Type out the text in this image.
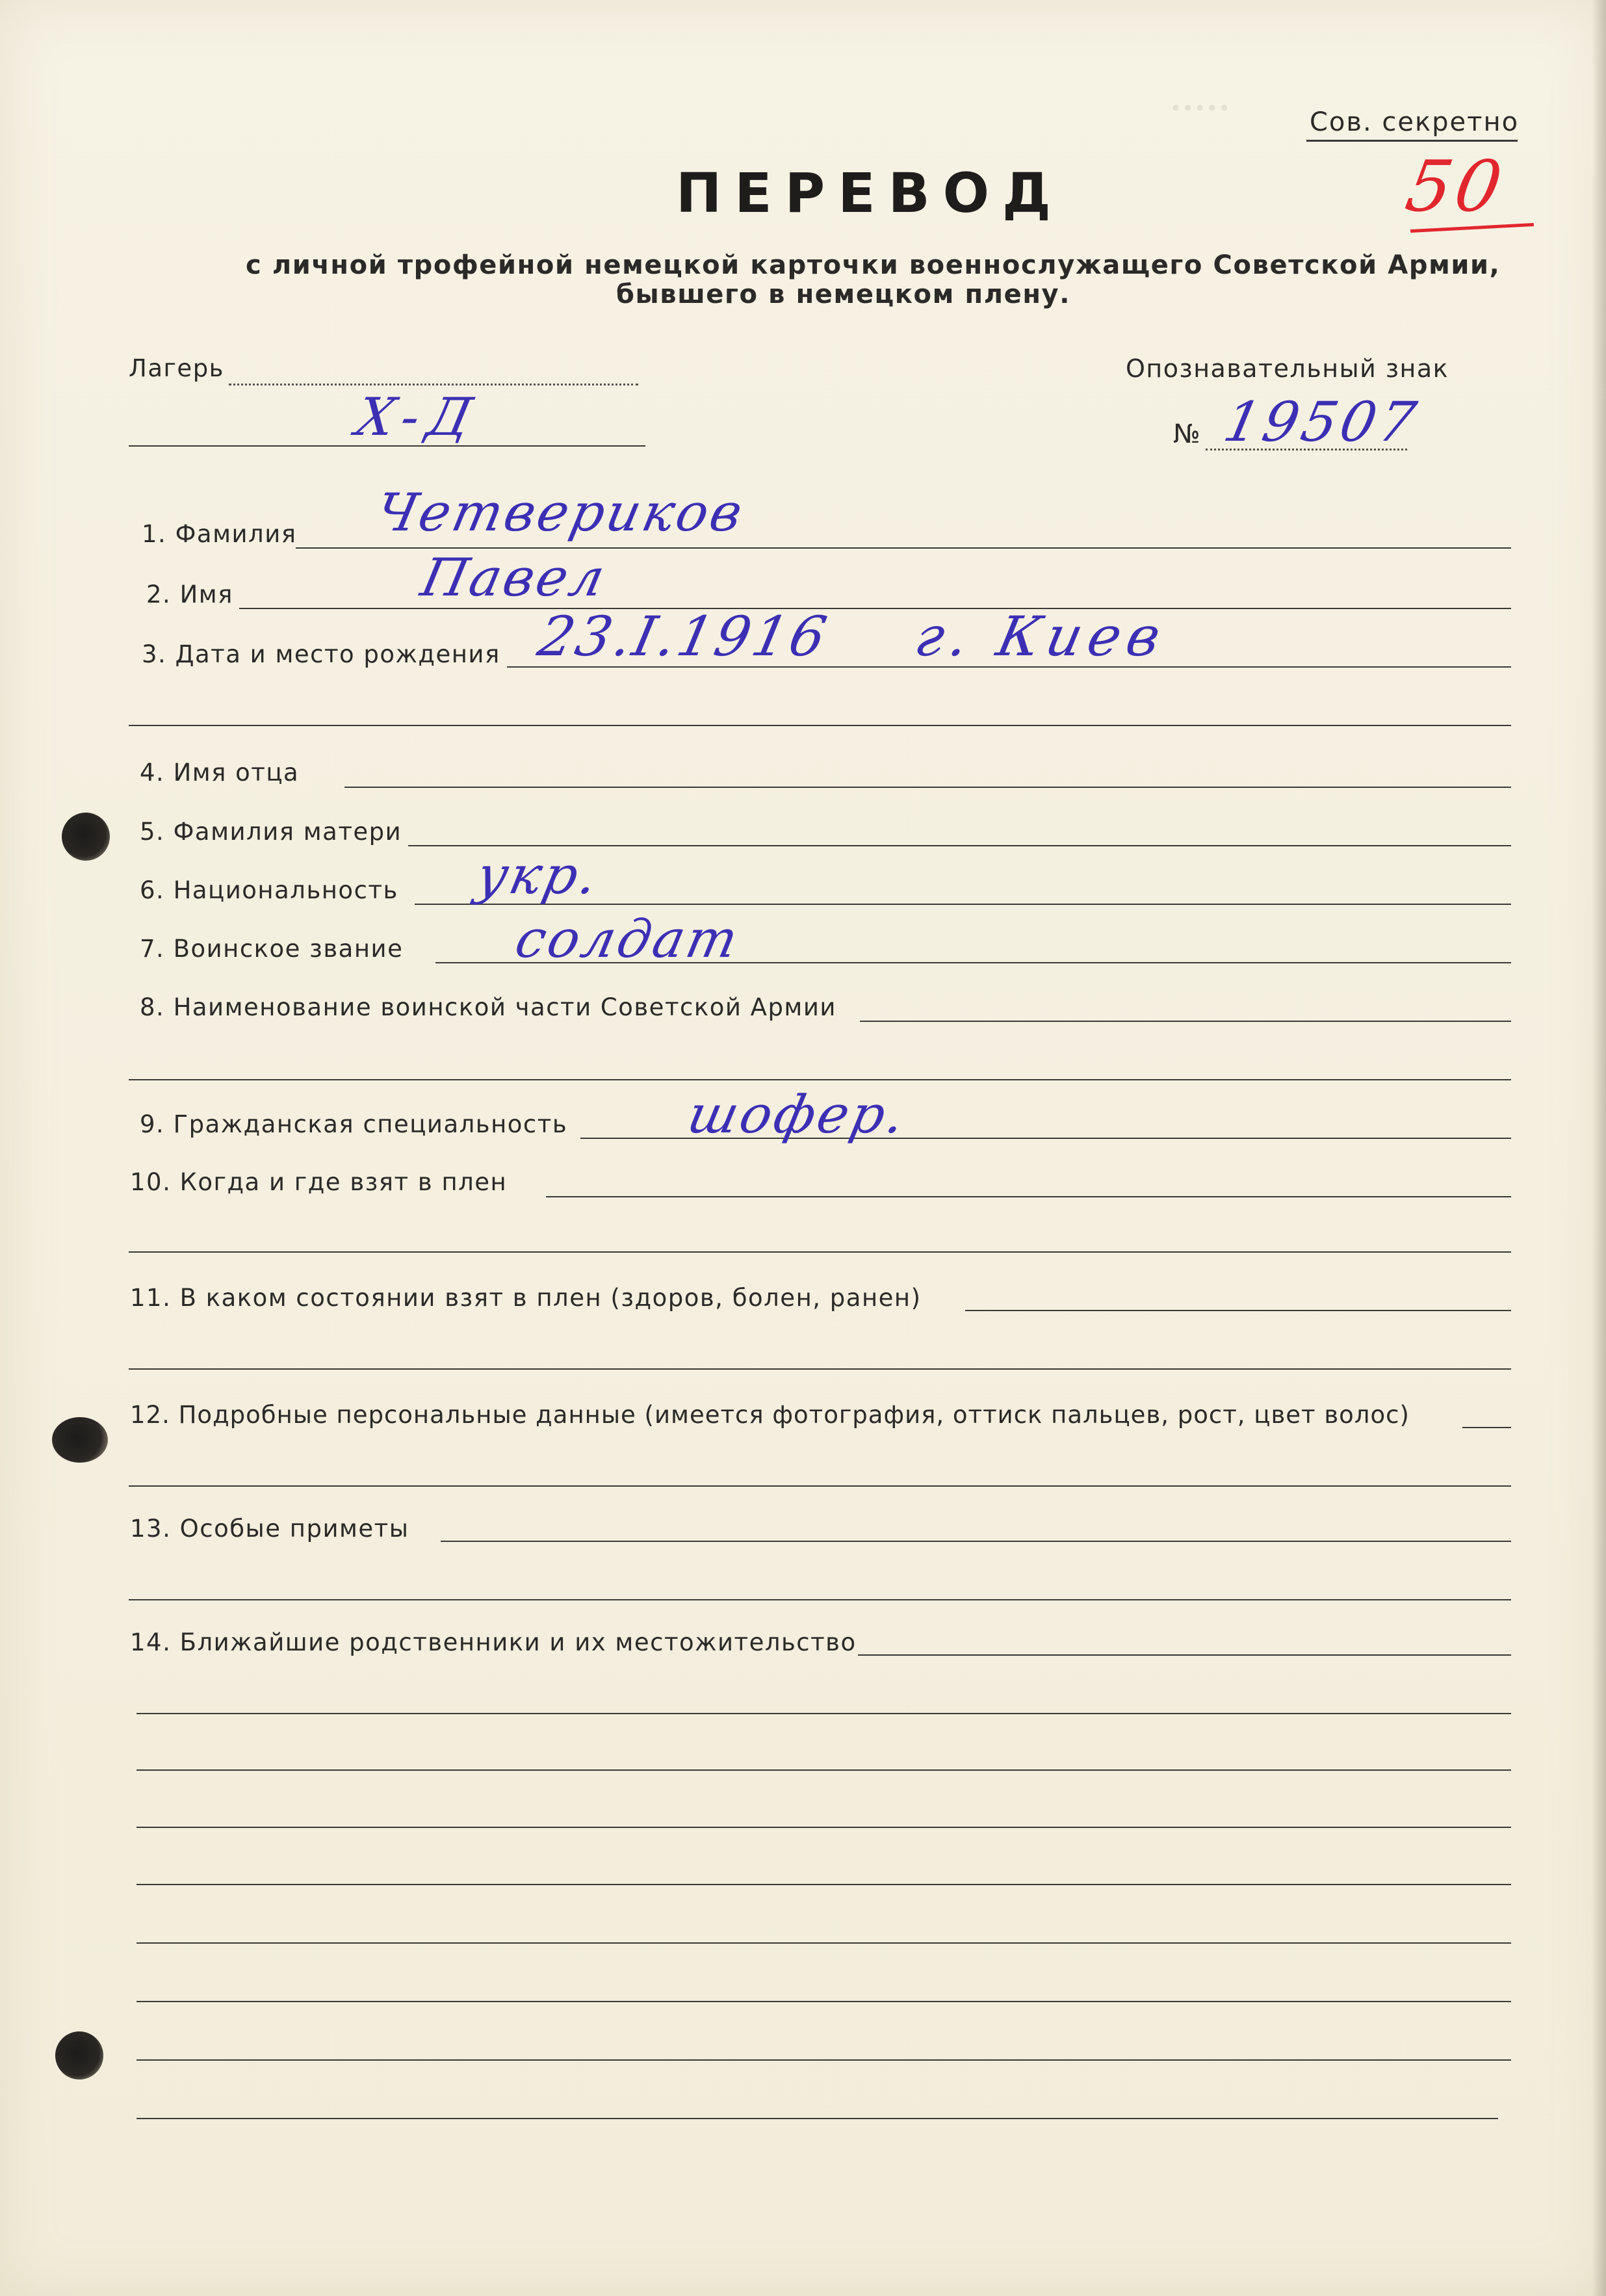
•••••	Сов. секретно
50
ПЕРЕВОД
с личной трофейной немецкой карточки военнослужащего Советской Армии,
бывшего в немецком плену.
Лагерь
X-Д
Опознавательный знак
№ 19507
1. Фамилия Четвериков
2. Имя	Павел
3. Дата и место рождения 23.I.1916 г. Киев
4. Имя отца
5. Фамилия матери
6. Национальность укр.
7. Воинское звание солдат
8. Наименование воинской части Советской Армии
9. Гражданская специальность шофер.
10. Когда и где взят в плен
11. В каком состоянии взят в плен (здоров, болен, ранен)
12. Подробные персональные данные (имеется фотография, оттиск пальцев, рост, цвет волос)
13. Особые приметы
14. Ближайшие родственники и их местожительство
